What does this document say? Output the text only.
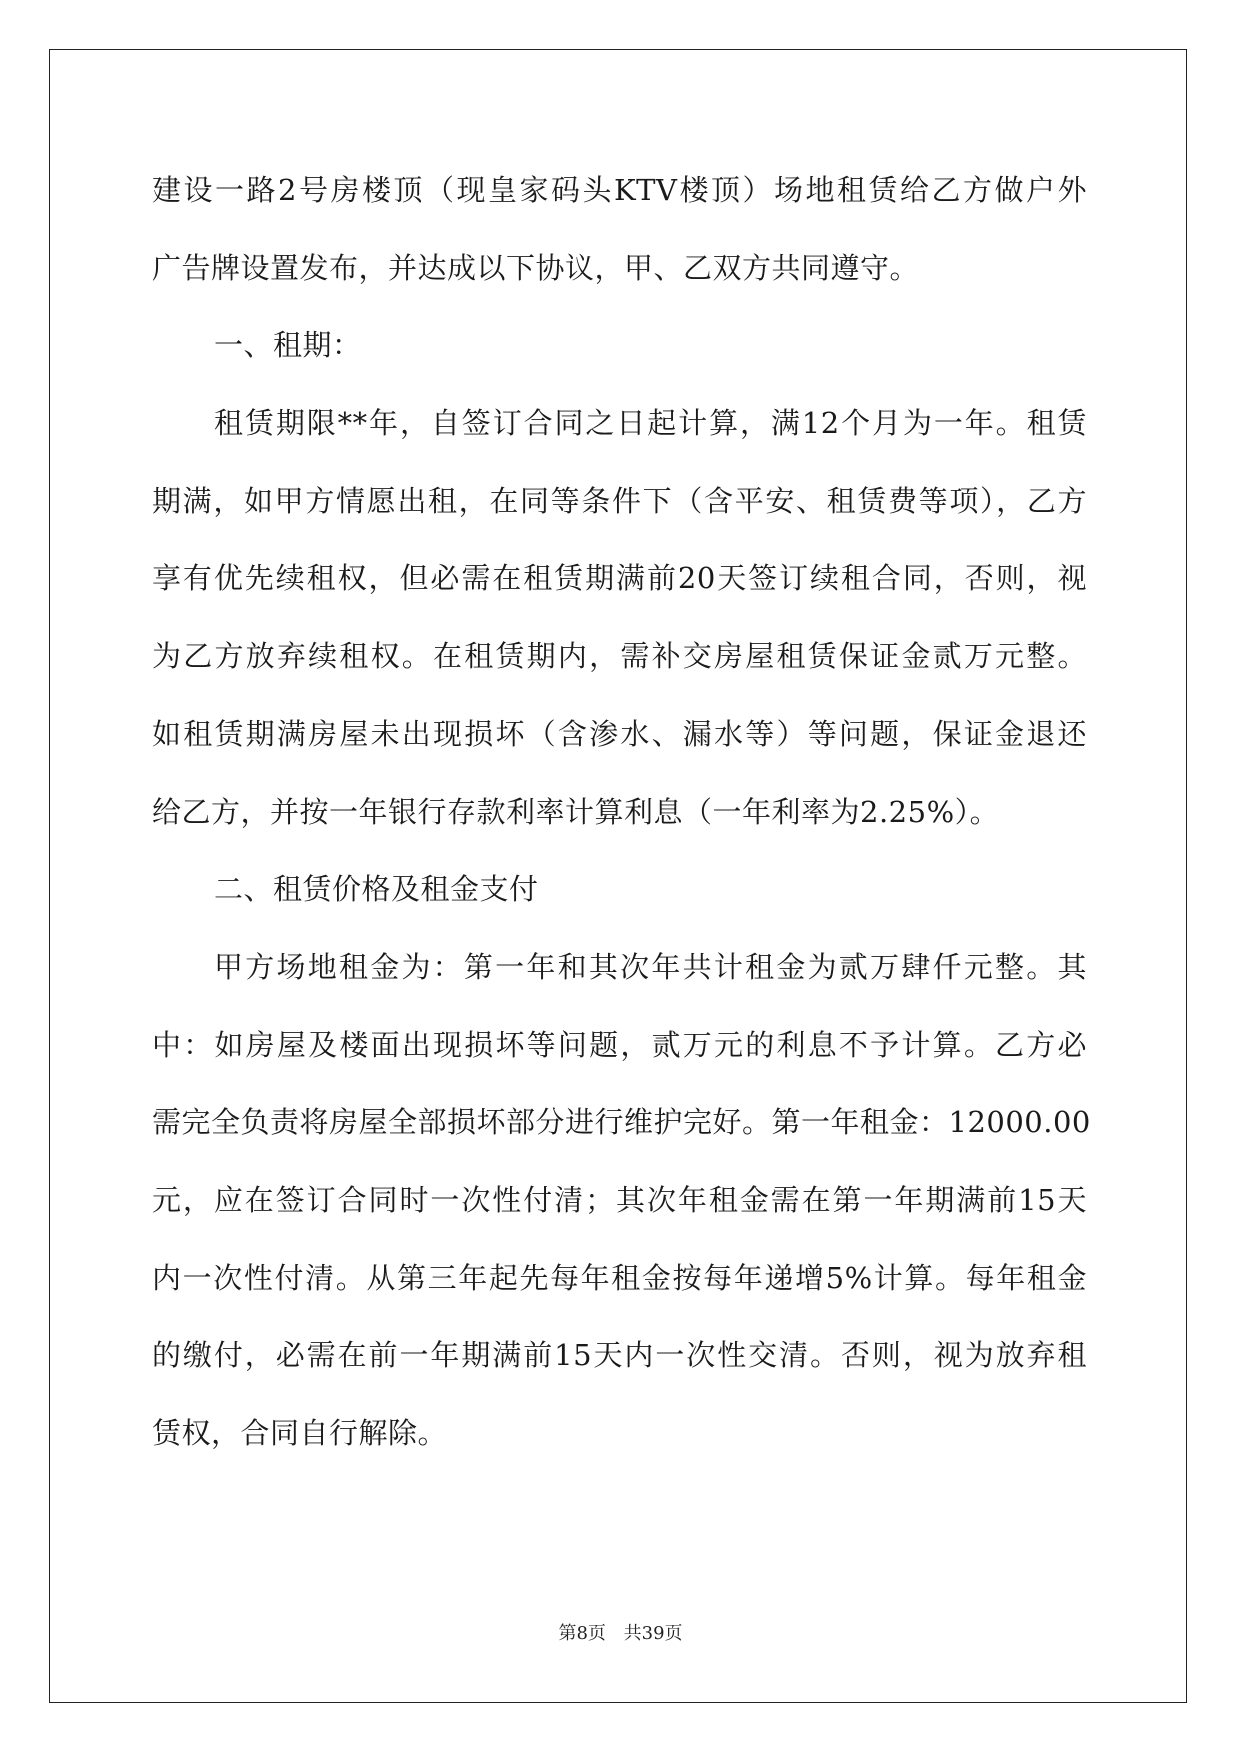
建设一路2号房楼顶（现皇家码头KTV楼顶）场地租赁给乙方做户外
广告牌设置发布，并达成以下协议，甲、乙双方共同遵守。
一、租期：
租赁期限**年，自签订合同之日起计算，满12个月为一年。租赁
期满，如甲方情愿出租，在同等条件下（含平安、租赁费等项），乙方
享有优先续租权，但必需在租赁期满前20天签订续租合同，否则，视
为乙方放弃续租权。在租赁期内，需补交房屋租赁保证金贰万元整。
如租赁期满房屋未出现损坏（含渗水、漏水等）等问题，保证金退还
给乙方，并按一年银行存款利率计算利息（一年利率为2.25%）。
二、租赁价格及租金支付
甲方场地租金为：第一年和其次年共计租金为贰万肆仟元整。其
中：如房屋及楼面出现损坏等问题，贰万元的利息不予计算。乙方必
需完全负责将房屋全部损坏部分进行维护完好。第一年租金：12000.00
元，应在签订合同时一次性付清；其次年租金需在第一年期满前15天
内一次性付清。从第三年起先每年租金按每年递增5%计算。每年租金
的缴付，必需在前一年期满前15天内一次性交清。否则，视为放弃租
赁权，合同自行解除。
第8页 共39页
